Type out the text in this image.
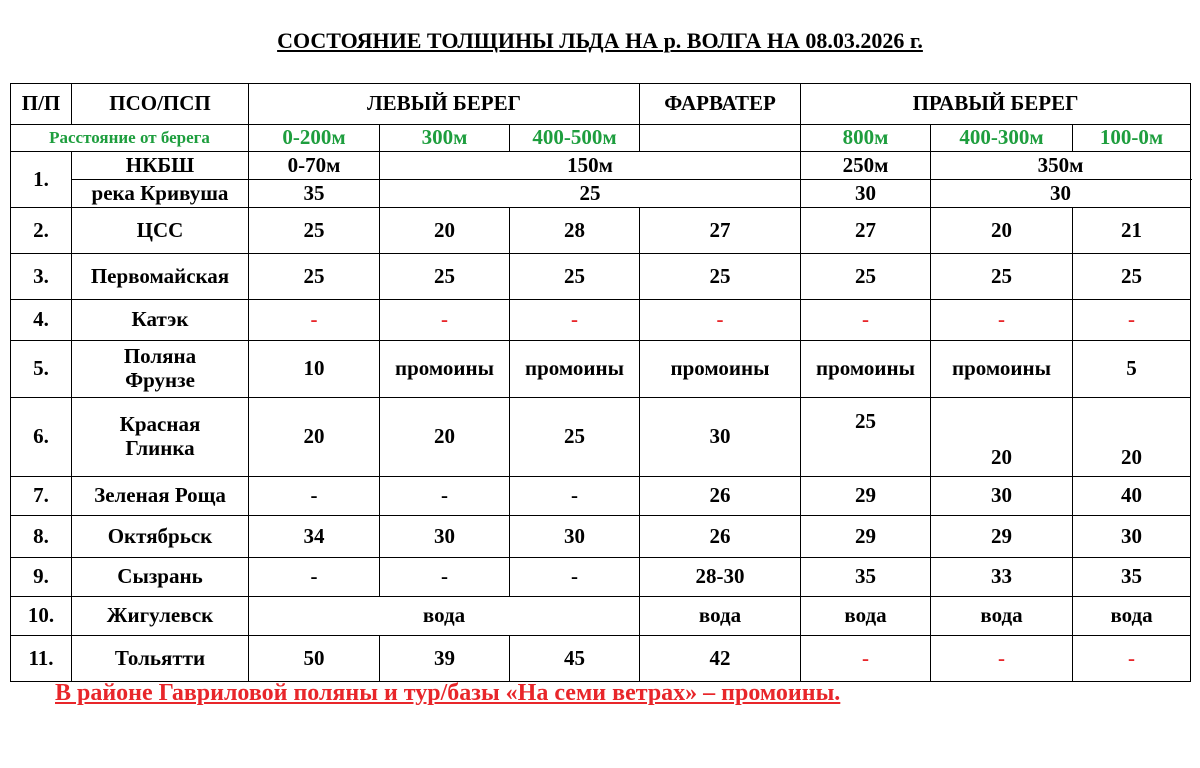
СОСТОЯНИЕ ТОЛЩИНЫ ЛЬДА НА р. ВОЛГА НА 08.03.2026 г.
П/П	ПСО/ПСП	ЛЕВЫЙ БЕРЕГ			ФАРВАТЕР	ПРАВЫЙ БЕРЕГ		
Расстояние от берега		0-200м	300м	400-500м		800м	400-300м	100-0м
1.	НКБШ	0-70м	150м			250м	350м	
	река Кривуша	35	25			30	30	
2.	ЦСС	25	20	28	27	27	20	21
3.	Первомайская	25	25	25	25	25	25	25
4.	Катэк	-	-	-	-	-	-	-
5.	Поляна
Фрунзе	10	промоины	промоины	промоины	промоины	промоины	5
6.	Красная
Глинка	20	20	25	30	25	20	20
7.	Зеленая Роща	-	-	-	26	29	30	40
8.	Октябрьск	34	30	30	26	29	29	30
9.	Сызрань	-	-	-	28-30	35	33	35
10.	Жигулевск	вода			вода	вода	вода	вода
11.	Тольятти	50	39	45	42	-	-	-
В районе Гавриловой поляны и тур/базы «На семи ветрах» – промоины.
